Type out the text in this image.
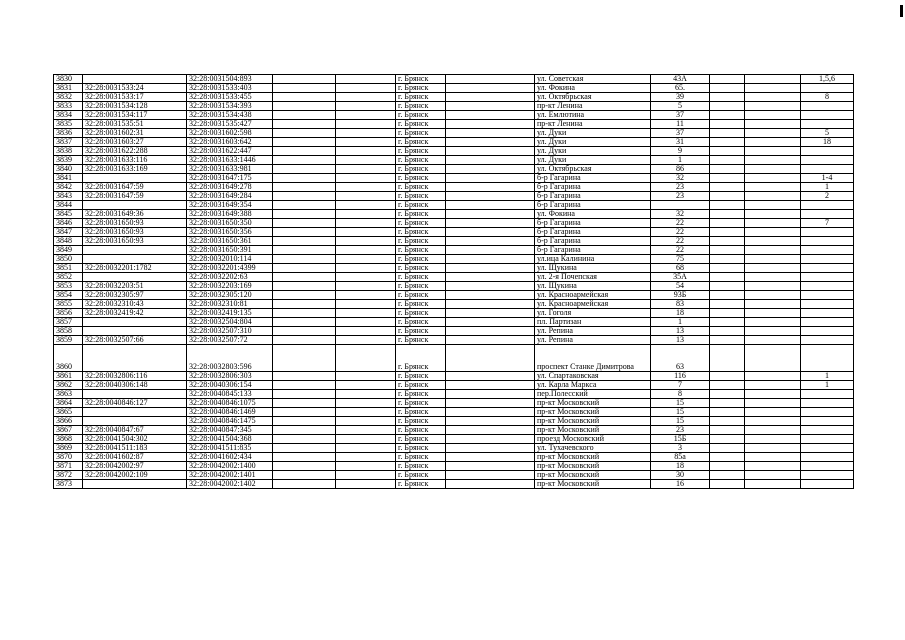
3830		32:28:0031504:893			г. Брянск		ул. Советская	43А			1,5,6
3831	32:28:0031533:24	32:28:0031533:403			г. Брянск		ул. Фокина	65.			
3832	32:28:0031533:17	32:28:0031533:455			г. Брянск		ул. Октябрьская	39			8
3833	32:28:0031534:128	32:28:0031534:393			г. Брянск		пр-кт Ленина	5			
3834	32:28:0031534:117	32:28:0031534:438			г. Брянск		ул. Емлютина	37			
3835	32:28:0031535:51	32:28:0031535:427			г. Брянск		пр-кт Ленина	11			
3836	32:28:0031602:31	32:28:0031602:598			г. Брянск		ул. Дуки	37			5
3837	32:28:0031603:27	32:28:0031603:642			г. Брянск		ул. Дуки	31			18
3838	32:28:0031622:288	32:28:0031622:447			г. Брянск		ул. Дуки	9			
3839	32:28:0031633:116	32:28:0031633:1446			г. Брянск		ул. Дуки	1			
3840	32:28:0031633:169	32:28:0031633:981			г. Брянск		ул. Октябрьская	86			
3841		32:28:0031647:175			г. Брянск		б-р Гагарина	32			1-4
3842	32:28:0031647:59	32:28:0031649:278			г. Брянск		б-р Гагарина	23			1
3843	32:28:0031647:59	32:28:0031649:284			г. Брянск		б-р Гагарина	23			2
3844		32:28:0031649:354			г. Брянск		б-р Гагарина				
3845	32:28:0031649:36	32:28:0031649:388			г. Брянск		ул. Фокина	32			
3846	32:28:0031650:93	32:28:0031650:350			г. Брянск		б-р Гагарина	22			7
3847	32:28:0031650:93	32:28:0031650:356			г. Брянск		б-р Гагарина	22			
3848	32:28:0031650:93	32:28:0031650:361			г. Брянск		б-р Гагарина	22			
3849		32:28:0031650:391			г. Брянск		б-р Гагарина	22			
3850		32:28:0032010:114			г. Брянск		ул.ица Калинина	75			
3851	32:28:0032201:1782	32:28:0032201:4399			г. Брянск		ул. Щукина	68			
3852		32:28:0032202:63			г. Брянск		ул. 2-я Почепская	35А			
3853	32:28:0032203:51	32:28:0032203:169			г. Брянск		ул. Щукина	54			
3854	32:28:0032305:97	32:28:0032305:120			г. Брянск		ул. Красноармейская	93Б			
3855	32:28:0032310:43	32:28:0032310:81			г. Брянск		ул. Красноармейская	83			
3856	32:28:0032419:42	32:28:0032419:135			г. Брянск		ул. Гоголя	18			
3857		32:28:0032504:804			г. Брянск		пл. Партизан	1			
3858		32:28:0032507:310			г. Брянск		ул. Репина	13			
3859	32:28:0032507:66	32:28:0032507:72			г. Брянск		ул. Репина	13			
3860		32:28:0032803:596			г. Брянск		проспект Станке Димитрова	63			
3861	32:28:0032806:116	32:28:0032806:303			г. Брянск		ул. Спартаковская	116			1
3862	32:28:0040306:148	32:28:0040306:154			г. Брянск		ул. Карла Маркса	7			1
3863		32:28:0040845:133			г. Брянск		пер.Полесский	8			
3864	32:28:0040846:127	32:28:0040846:1075			г. Брянск		пр-кт Московский	15			
3865		32:28:0040846:1469			г. Брянск		пр-кт Московский	15			
3866		32:28:0040846:1475			г. Брянск		пр-кт Московский	15			
3867	32:28:0040847:67	32:28:0040847:345			г. Брянск		пр-кт Московский	23			
3868	32:28:0041504:302	32:28:0041504:368			г. Брянск		проезд Московский	15Б			
3869	32:28:0041511:183	32:28:0041511:835			г. Брянск		ул. Тухачевского	3			
3870	32:28:0041602:87	32:28:0041602:434			г. Брянск		пр-кт Московский	85а			
3871	32:28:0042002:97	32:28:0042002:1400			г. Брянск		пр-кт Московский	18			
3872	32:28:0042002:109	32:28:0042002:1401			г. Брянск		пр-кт Московский	30			
3873		32:28:0042002:1402			г. Брянск		пр-кт Московский	16			
